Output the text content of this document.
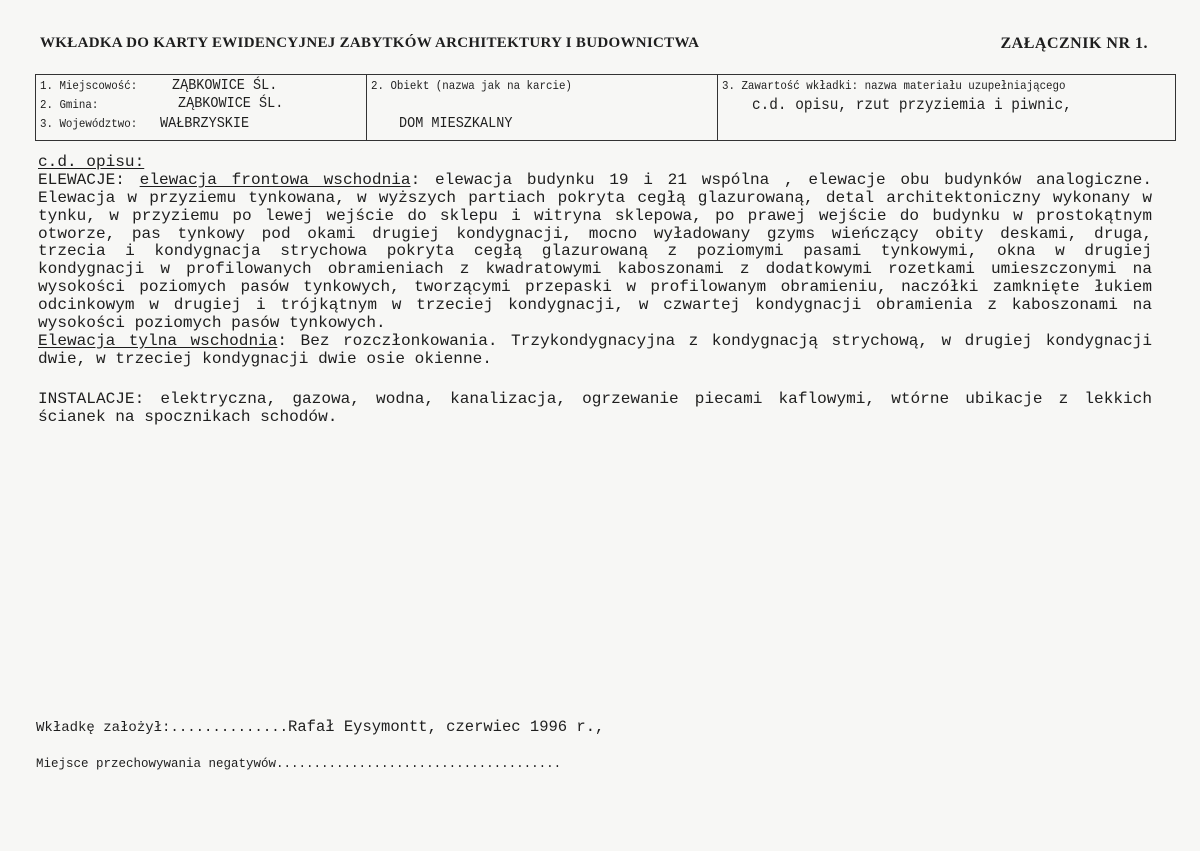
WKŁADKA DO KARTY EWIDENCYJNEJ ZABYTKÓW ARCHITEKTURY I BUDOWNICTWA	ZAŁĄCZNIK NR 1.
1. Miejscowość: ZĄBKOWICE ŚL.
2. Gmina:	ZĄBKOWICE ŚL.
3. Województwo: WAŁBRZYSKIE
2. Obiekt (nazwa jak na karcie)
DOM MIESZKALNY
3. Zawartość wkładki: nazwa materiału uzupełniającego
c.d. opisu, rzut przyziemia i piwnic,
c.d. opisu:
ELEWACJE: elewacja frontowa wschodnia: elewacja budynku 19 i 21 wspólna , elewacje obu budynków analogiczne.
Elewacja w przyziemu tynkowana, w wyższych partiach pokryta cegłą glazurowaną, detal architektoniczny wykonany w
tynku, w przyziemu po lewej wejście do sklepu i witryna sklepowa, po prawej wejście do budynku w prostokątnym
otworze, pas tynkowy pod okami drugiej kondygnacji, mocno wyładowany gzyms wieńczący obity deskami, druga,
trzecia i kondygnacja strychowa pokryta cegłą glazurowaną z poziomymi pasami tynkowymi, okna w drugiej
kondygnacji w profilowanych obramieniach z kwadratowymi kaboszonami z dodatkowymi rozetkami umieszczonymi na
wysokości poziomych pasów tynkowych, tworzącymi przepaski w profilowanym obramieniu, naczółki zamknięte łukiem
odcinkowym w drugiej i trójkątnym w trzeciej kondygnacji, w czwartej kondygnacji obramienia z kaboszonami na
wysokości poziomych pasów tynkowych.
Elewacja tylna wschodnia: Bez rozczłonkowania. Trzykondygnacyjna z kondygnacją strychową, w drugiej kondygnacji
dwie, w trzeciej kondygnacji dwie osie okienne.
INSTALACJE: elektryczna, gazowa, wodna, kanalizacja, ogrzewanie piecami kaflowymi, wtórne ubikacje z lekkich
ścianek na spocznikach schodów.
Wkładkę założył:..............Rafał Eysymontt, czerwiec 1996 r.,
Miejsce przechowywania negatywów......................................
